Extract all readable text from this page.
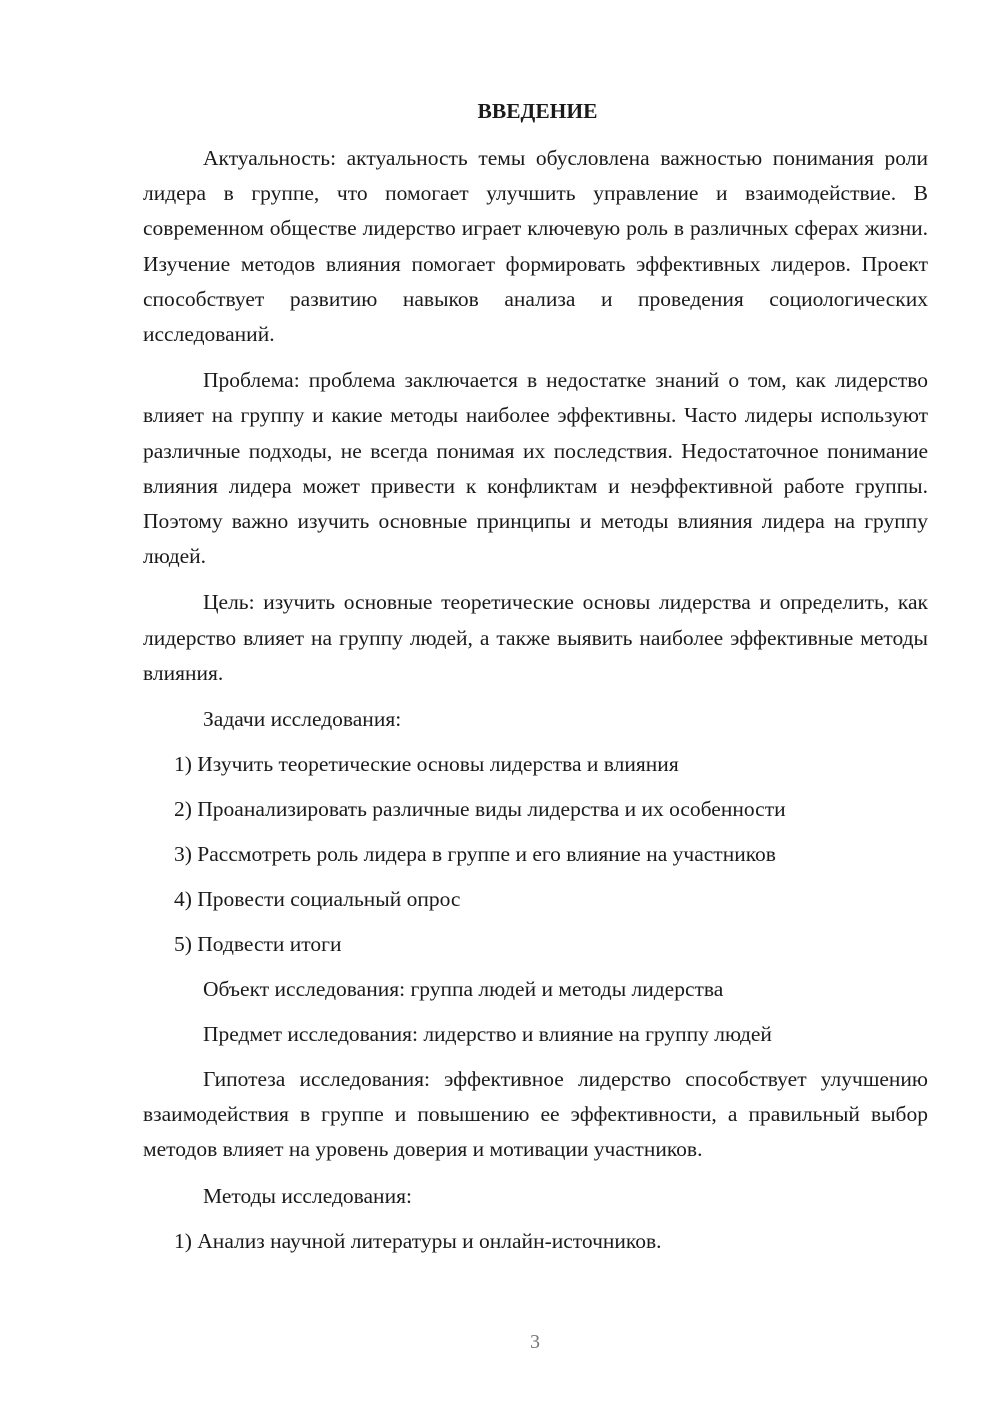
ВВЕДЕНИЕ
Актуальность: актуальность темы обусловлена важностью понимания роли лидера в группе, что помогает улучшить управление и взаимодействие. В современном обществе лидерство играет ключевую роль в различных сферах жизни. Изучение методов влияния помогает формировать эффективных лидеров. Проект способствует развитию навыков анализа и проведения социологических исследований.
Проблема: проблема заключается в недостатке знаний о том, как лидерство влияет на группу и какие методы наиболее эффективны. Часто лидеры используют различные подходы, не всегда понимая их последствия. Недостаточное понимание влияния лидера может привести к конфликтам и неэффективной работе группы. Поэтому важно изучить основные принципы и методы влияния лидера на группу людей.
Цель: изучить основные теоретические основы лидерства и определить, как лидерство влияет на группу людей, а также выявить наиболее эффективные методы влияния.
Задачи исследования:
1) Изучить теоретические основы лидерства и влияния
2) Проанализировать различные виды лидерства и их особенности
3) Рассмотреть роль лидера в группе и его влияние на участников
4) Провести социальный опрос
5) Подвести итоги
Объект исследования: группа людей и методы лидерства
Предмет исследования: лидерство и влияние на группу людей
Гипотеза исследования: эффективное лидерство способствует улучшению взаимодействия в группе и повышению ее эффективности, а правильный выбор методов влияет на уровень доверия и мотивации участников.
Методы исследования:
1) Анализ научной литературы и онлайн-источников.
3
